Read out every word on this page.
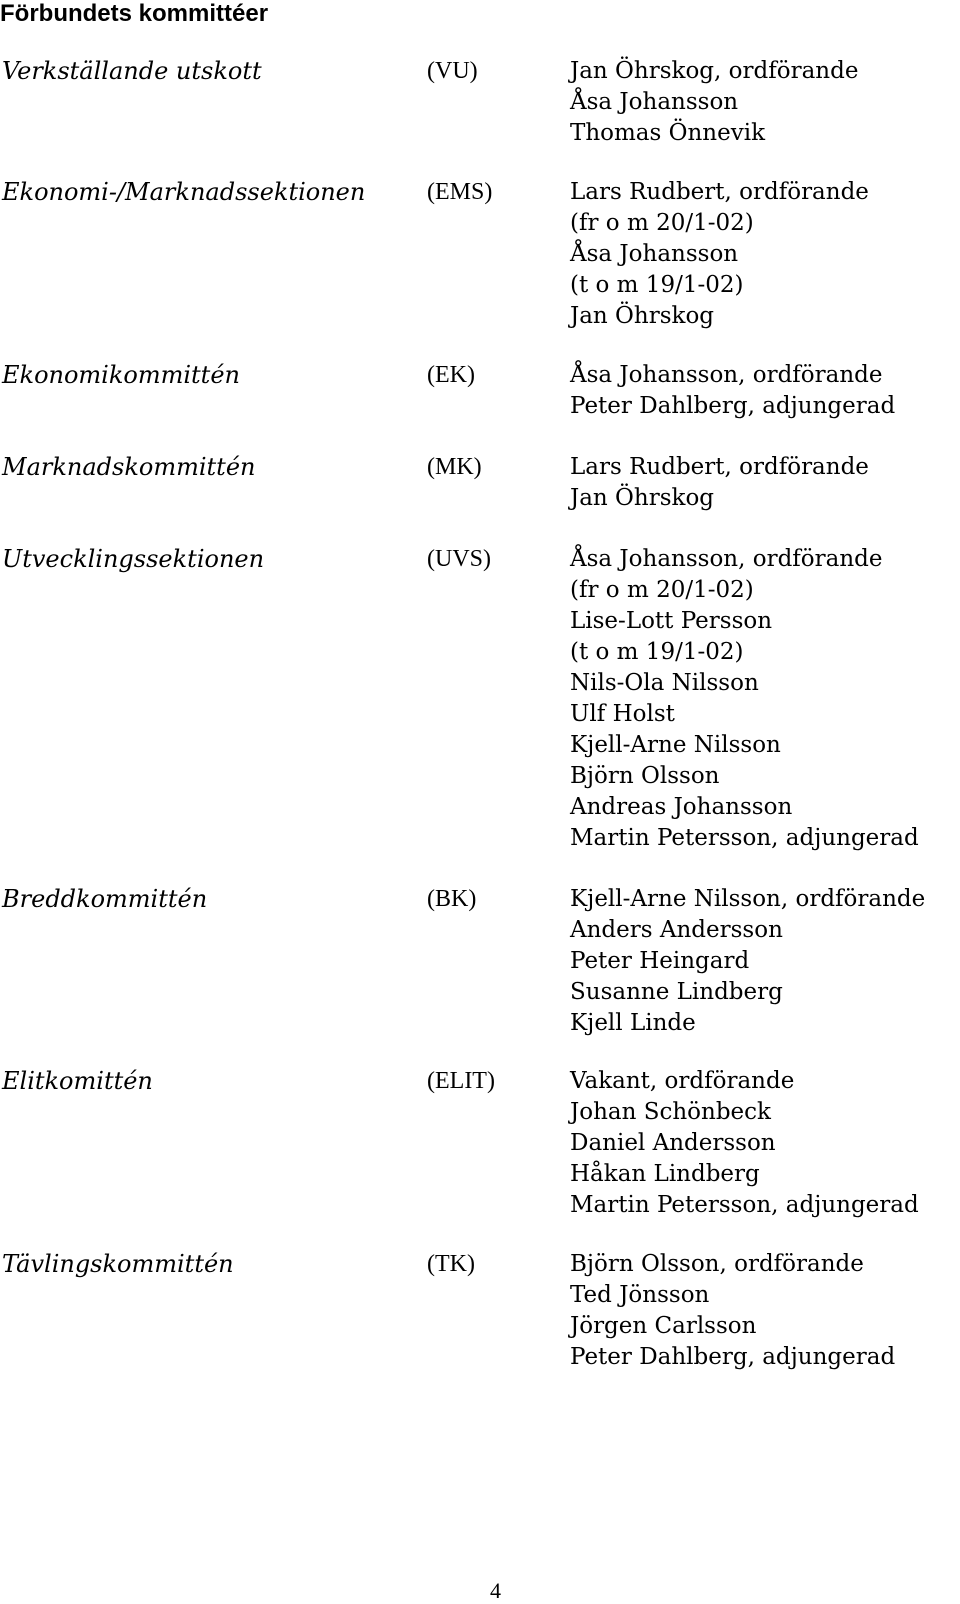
Förbundets kommittéer
Verkställande utskott	(VU)	Jan Öhrskog, ordförande
Åsa Johansson
Thomas Önnevik
Ekonomi-/Marknadssektionen	(EMS)	Lars Rudbert, ordförande
(fr o m 20/1-02)
Åsa Johansson
(t o m 19/1-02)
Jan Öhrskog
Ekonomikommittén	(EK)	Åsa Johansson, ordförande
Peter Dahlberg, adjungerad
Marknadskommittén	(MK)	Lars Rudbert, ordförande
Jan Öhrskog
Utvecklingssektionen	(UVS)	Åsa Johansson, ordförande
(fr o m 20/1-02)
Lise-Lott Persson
(t o m 19/1-02)
Nils-Ola Nilsson
Ulf Holst
Kjell-Arne Nilsson
Björn Olsson
Andreas Johansson
Martin Petersson, adjungerad
Breddkommittén	(BK)	Kjell-Arne Nilsson, ordförande
Anders Andersson
Peter Heingard
Susanne Lindberg
Kjell Linde
Elitkomittén	(ELIT)	Vakant, ordförande
Johan Schönbeck
Daniel Andersson
Håkan Lindberg
Martin Petersson, adjungerad
Tävlingskommittén	(TK)	Björn Olsson, ordförande
Ted Jönsson
Jörgen Carlsson
Peter Dahlberg, adjungerad
4
